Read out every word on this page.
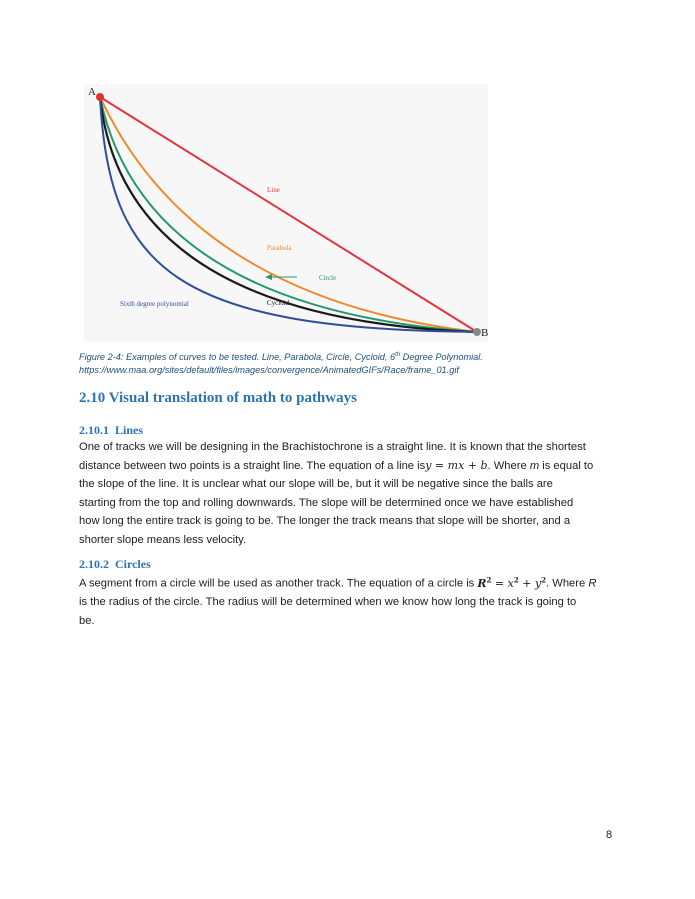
A
B
Line
Parabola
Circle
Cycloid
Sixth degree polynomial
Figure 2-4: Examples of curves to be tested. Line, Parabola, Circle, Cycloid, 6th Degree Polynomial.
https://www.maa.org/sites/default/files/images/convergence/AnimatedGIFs/Race/frame_01.gif
2.10 Visual translation of math to pathways
2.10.1 Lines
One of tracks we will be designing in the Brachistochrone is a straight line. It is known that the shortest
distance between two points is a straight line. The equation of a line isy = mx + b. Where m is equal to
the slope of the line. It is unclear what our slope will be, but it will be negative since the balls are
starting from the top and rolling downwards. The slope will be determined once we have established
how long the entire track is going to be. The longer the track means that slope will be shorter, and a
shorter slope means less velocity.
2.10.2 Circles
A segment from a circle will be used as another track. The equation of a circle is $R^2 = x^2 + y^2$. Where R
is the radius of the circle. The radius will be determined when we know how long the track is going to
be.
8
